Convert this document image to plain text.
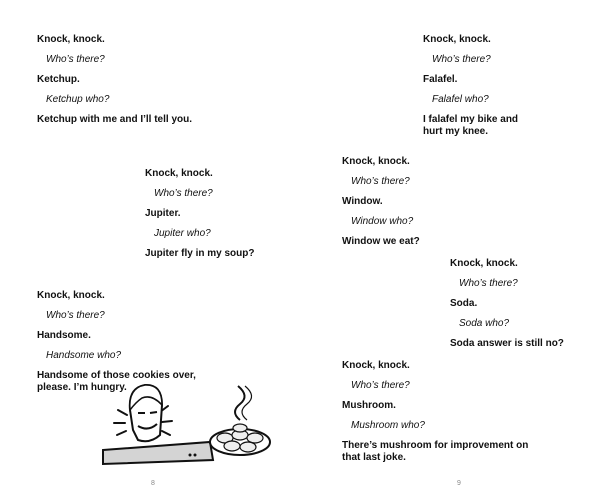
Knock, knock.
Who’s there?
Ketchup.
Ketchup who?
Ketchup with me and I’ll tell you.
Knock, knock.
Who’s there?
Jupiter.
Jupiter who?
Jupiter fly in my soup?
Knock, knock.
Who’s there?
Handsome.
Handsome who?
Handsome of those cookies over,
please. I’m hungry.
Knock, knock.
Who’s there?
Falafel.
Falafel who?
I falafel my bike and
hurt my knee.
Knock, knock.
Who’s there?
Window.
Window who?
Window we eat?
Knock, knock.
Who’s there?
Soda.
Soda who?
Soda answer is still no?
Knock, knock.
Who’s there?
Mushroom.
Mushroom who?
There’s mushroom for improvement on
that last joke.
8	9
